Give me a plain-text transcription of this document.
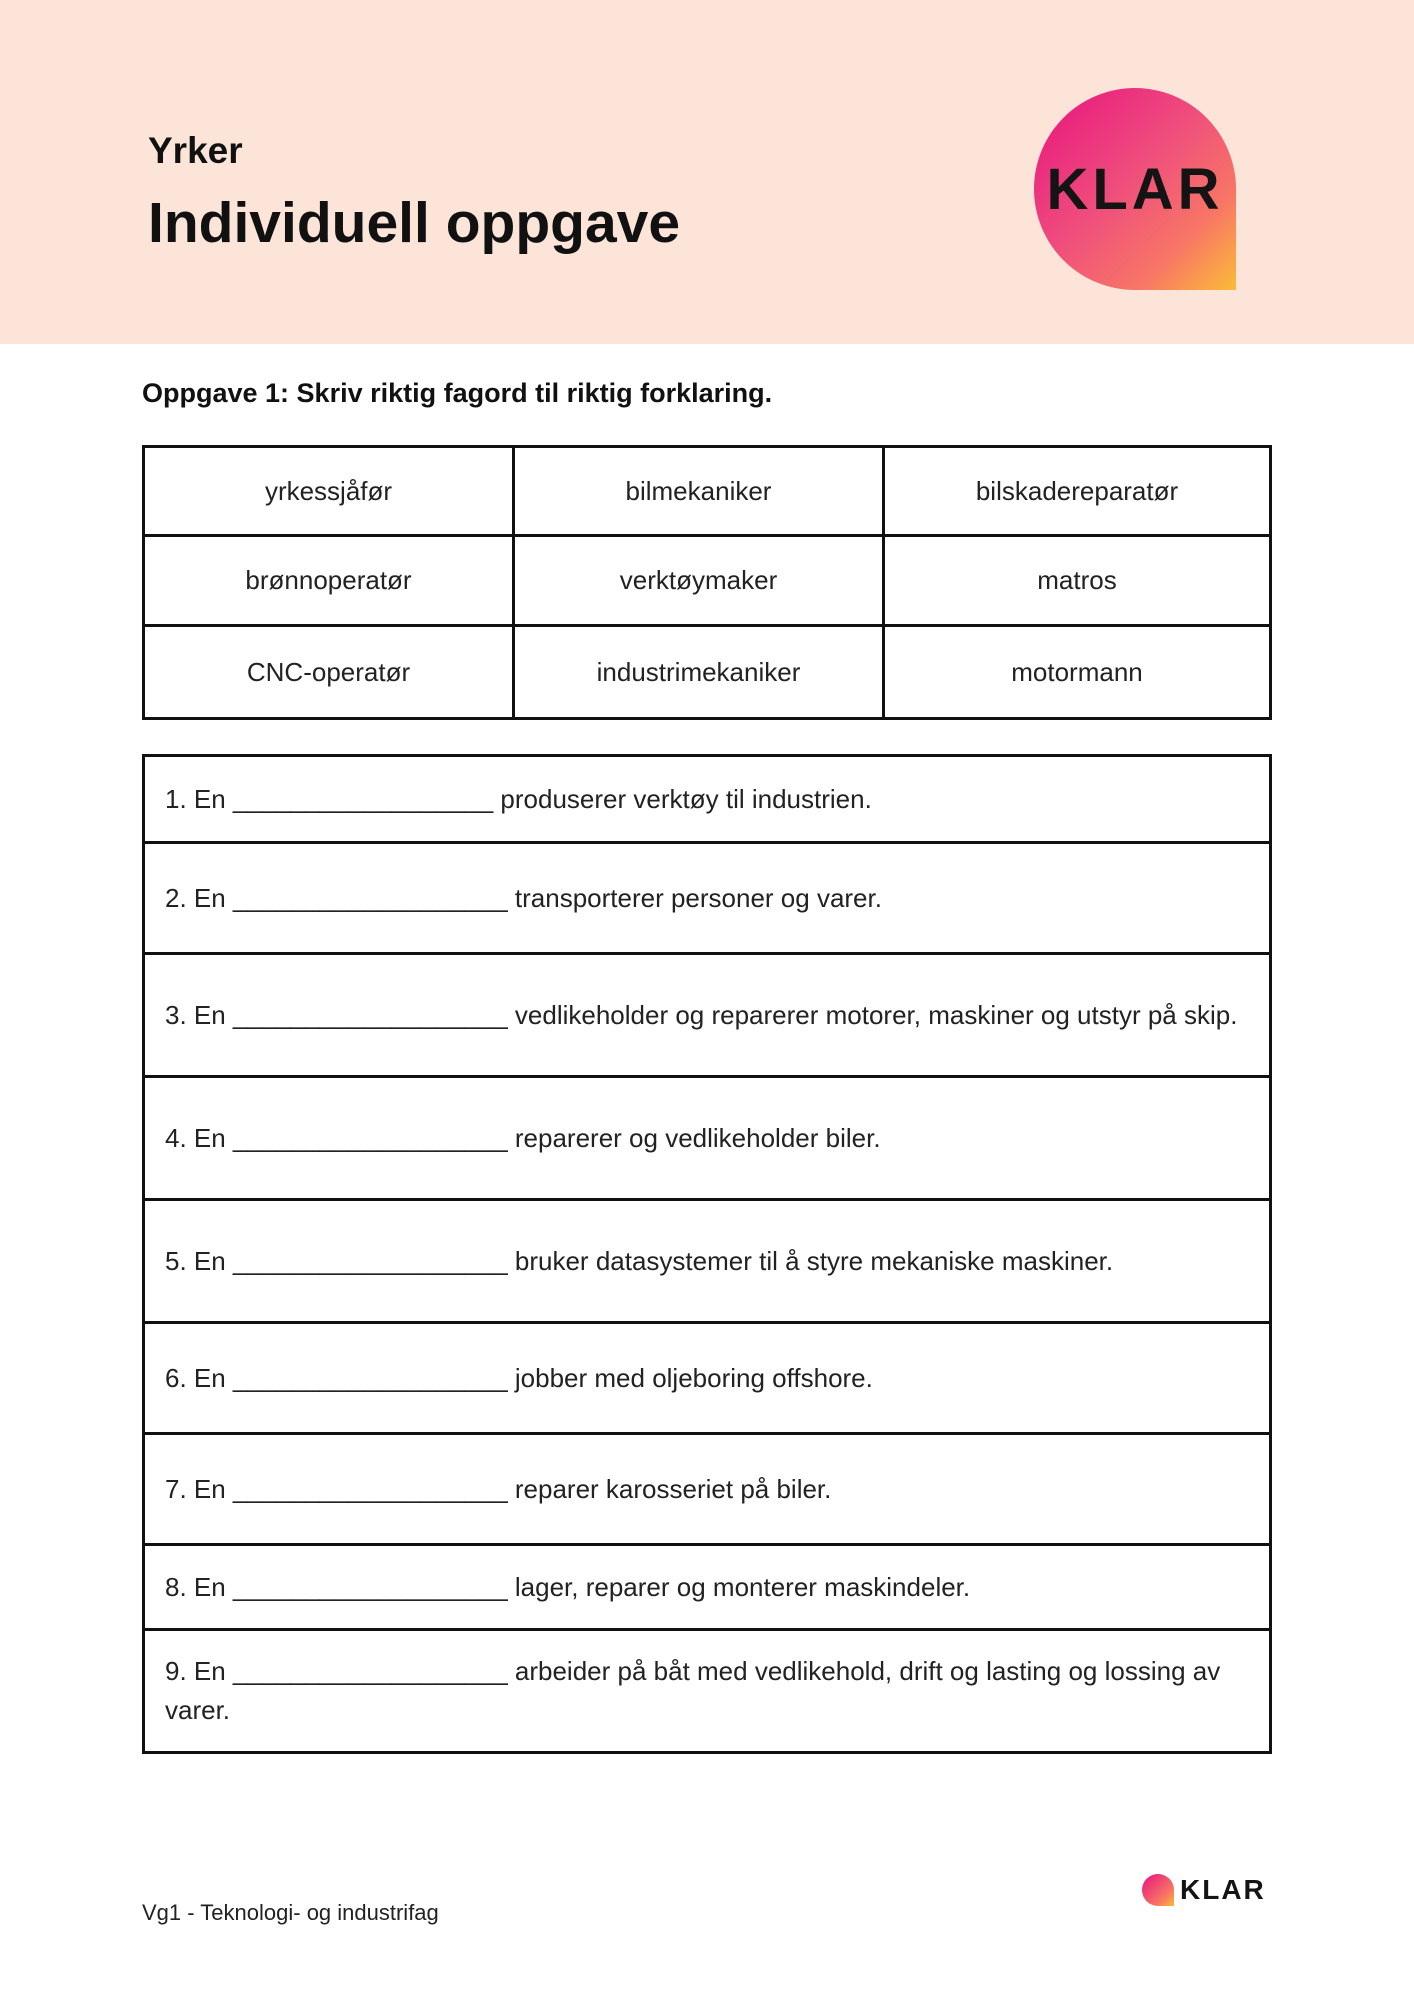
Yrker
Individuell oppgave
KLAR
Oppgave 1: Skriv riktig fagord til riktig forklaring.
yrkessjåfør	bilmekaniker	bilskadereparatør
brønnoperatør	verktøymaker	matros
CNC-operatør	industrimekaniker	motormann
1. En __________________ produserer verktøy til industrien.
2. En ___________________ transporterer personer og varer.
3. En ___________________ vedlikeholder og reparerer motorer, maskiner og utstyr på skip.
4. En ___________________ reparerer og vedlikeholder biler.
5. En ___________________ bruker datasystemer til å styre mekaniske maskiner.
6. En ___________________ jobber med oljeboring offshore.
7. En ___________________ reparer karosseriet på biler.
8. En ___________________ lager, reparer og monterer maskindeler.
9. En ___________________ arbeider på båt med vedlikehold, drift og lasting og lossing av varer.
Vg1 - Teknologi- og industrifag
KLAR
